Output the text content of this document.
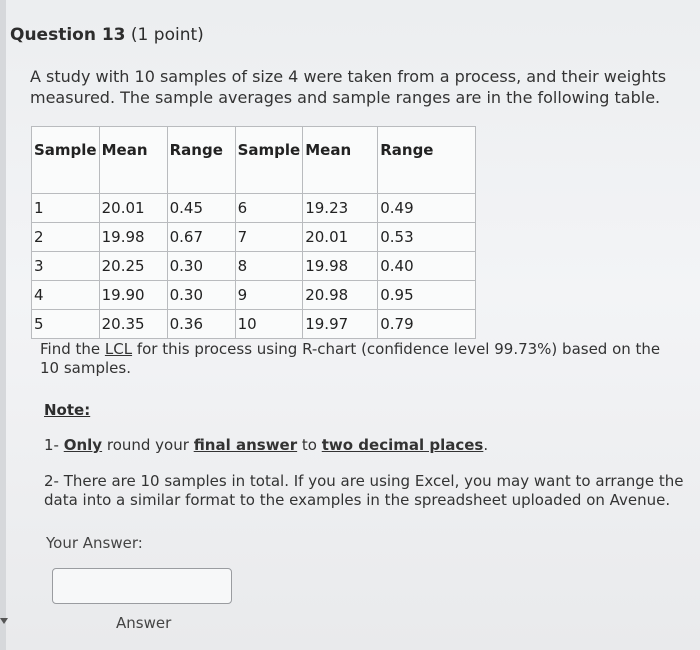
Question 13 (1 point)
A study with 10 samples of size 4 were taken from a process, and their weights measured. The sample averages and sample ranges are in the following table.
Sample	Mean	Range	Sample	Mean	Range
1	20.01	0.45	6	19.23	0.49
2	19.98	0.67	7	20.01	0.53
3	20.25	0.30	8	19.98	0.40
4	19.90	0.30	9	20.98	0.95
5	20.35	0.36	10	19.97	0.79
Find the LCL for this process using R-chart (confidence level 99.73%) based on the 10 samples.
Note:
1- Only round your final answer to two decimal places.
2- There are 10 samples in total. If you are using Excel, you may want to arrange the data into a similar format to the examples in the spreadsheet uploaded on Avenue.
Your Answer:
Answer
